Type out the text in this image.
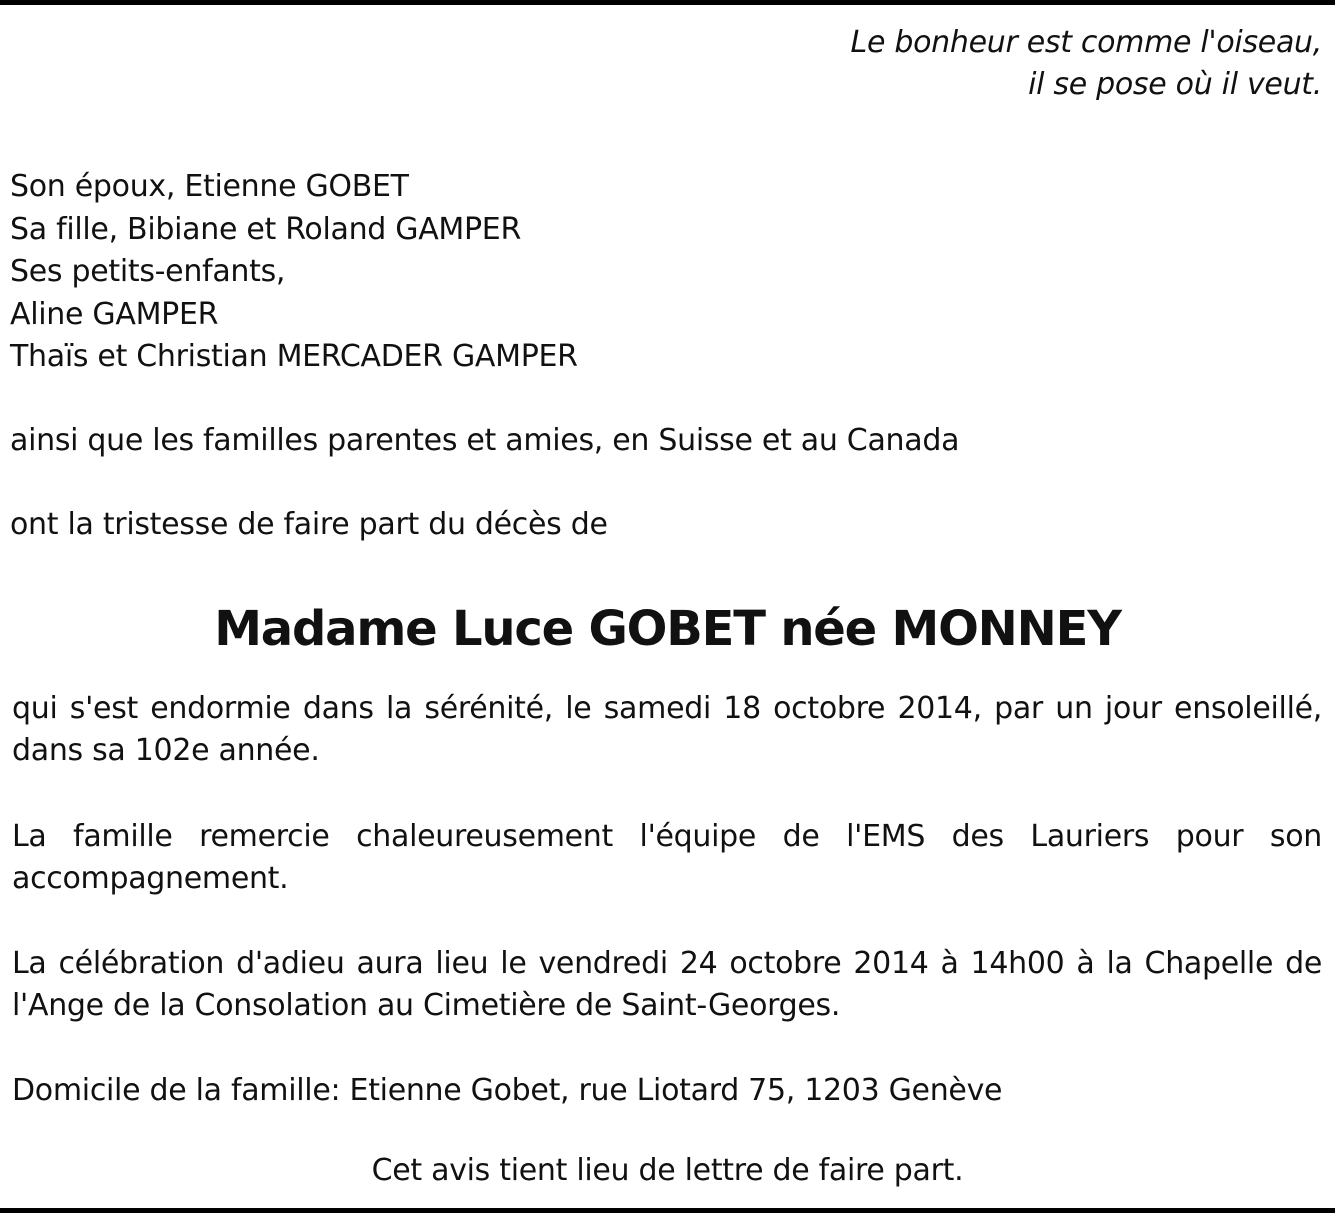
Le bonheur est comme l'oiseau,
il se pose où il veut.
Son époux, Etienne GOBET
Sa fille, Bibiane et Roland GAMPER
Ses petits-enfants,
Aline GAMPER
Thaïs et Christian MERCADER GAMPER
ainsi que les familles parentes et amies, en Suisse et au Canada
ont la tristesse de faire part du décès de
Madame Luce GOBET née MONNEY
qui s'est endormie dans la sérénité, le samedi 18 octobre 2014, par un jour ensoleillé, dans sa 102e année.
La famille remercie chaleureusement l'équipe de l'EMS des Lauriers pour son accompagnement.
La célébration d'adieu aura lieu le vendredi 24 octobre 2014 à 14h00 à la Chapelle de l'Ange de la Consolation au Cimetière de Saint-Georges.
Domicile de la famille: Etienne Gobet, rue Liotard 75, 1203 Genève
Cet avis tient lieu de lettre de faire part.
